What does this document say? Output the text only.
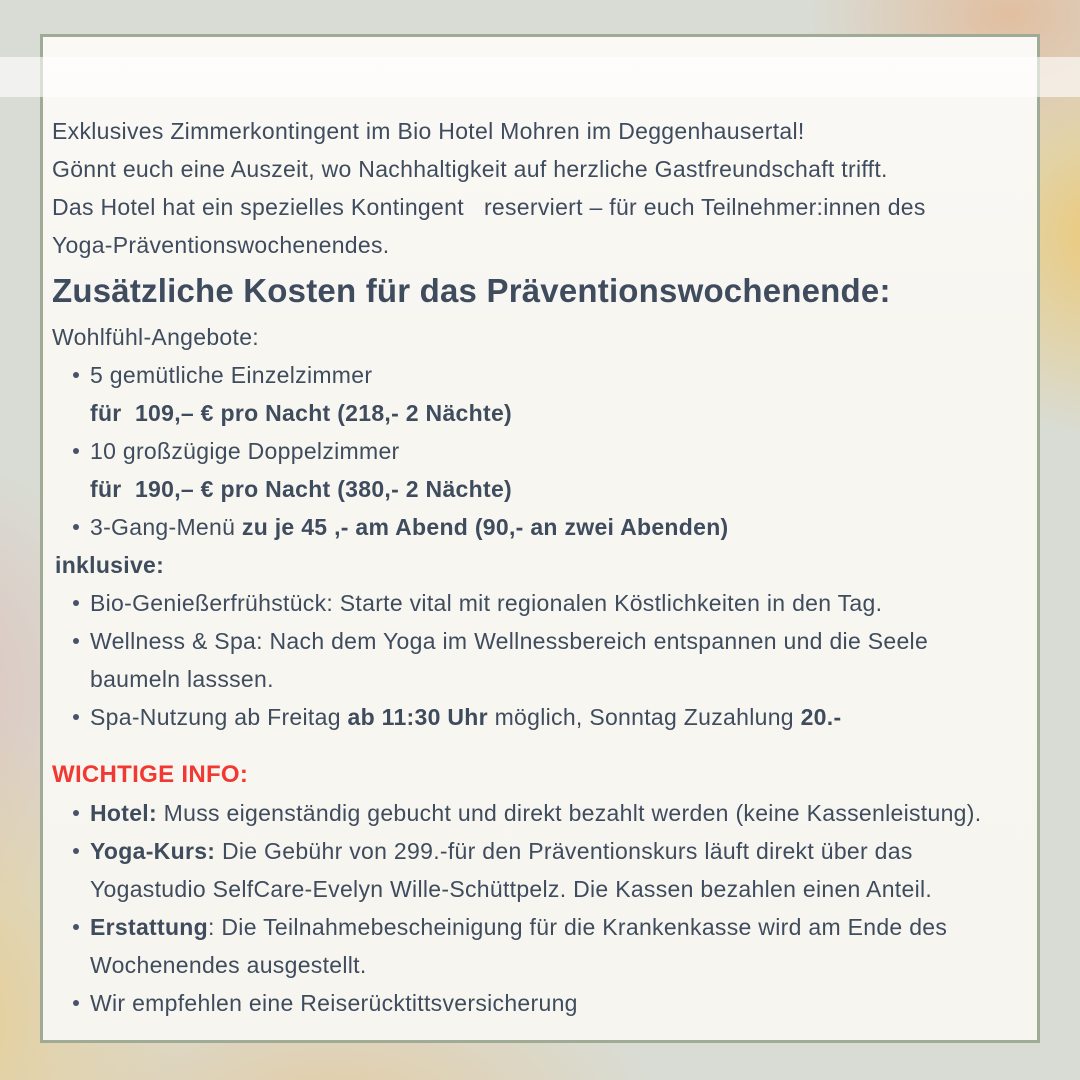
Exklusives Zimmerkontingent im Bio Hotel Mohren im Deggenhausertal!
Gönnt euch eine Auszeit, wo Nachhaltigkeit auf herzliche Gastfreundschaft trifft.
Das Hotel hat ein spezielles Kontingent   reserviert – für euch Teilnehmer:innen des
Yoga-Präventionswochenendes.
Zusätzliche Kosten für das Präventionswochenende:
Wohlfühl-Angebote:
5 gemütliche Einzelzimmer
für  109,– € pro Nacht (218,- 2 Nächte)
10 großzügige Doppelzimmer
für  190,– € pro Nacht (380,- 2 Nächte)
3-Gang-Menü zu je 45 ,- am Abend (90,- an zwei Abenden)
inklusive:
Bio-Genießerfrühstück: Starte vital mit regionalen Köstlichkeiten in den Tag.
Wellness & Spa: Nach dem Yoga im Wellnessbereich entspannen und die Seele
baumeln lasssen.
Spa-Nutzung ab Freitag ab 11:30 Uhr möglich, Sonntag Zuzahlung 20.-
WICHTIGE INFO:
Hotel: Muss eigenständig gebucht und direkt bezahlt werden (keine Kassenleistung).
Yoga-Kurs: Die Gebühr von 299.-für den Präventionskurs läuft direkt über das
Yogastudio SelfCare-Evelyn Wille-Schüttpelz. Die Kassen bezahlen einen Anteil.
Erstattung: Die Teilnahmebescheinigung für die Krankenkasse wird am Ende des
Wochenendes ausgestellt.
Wir empfehlen eine Reiserücktittsversicherung
